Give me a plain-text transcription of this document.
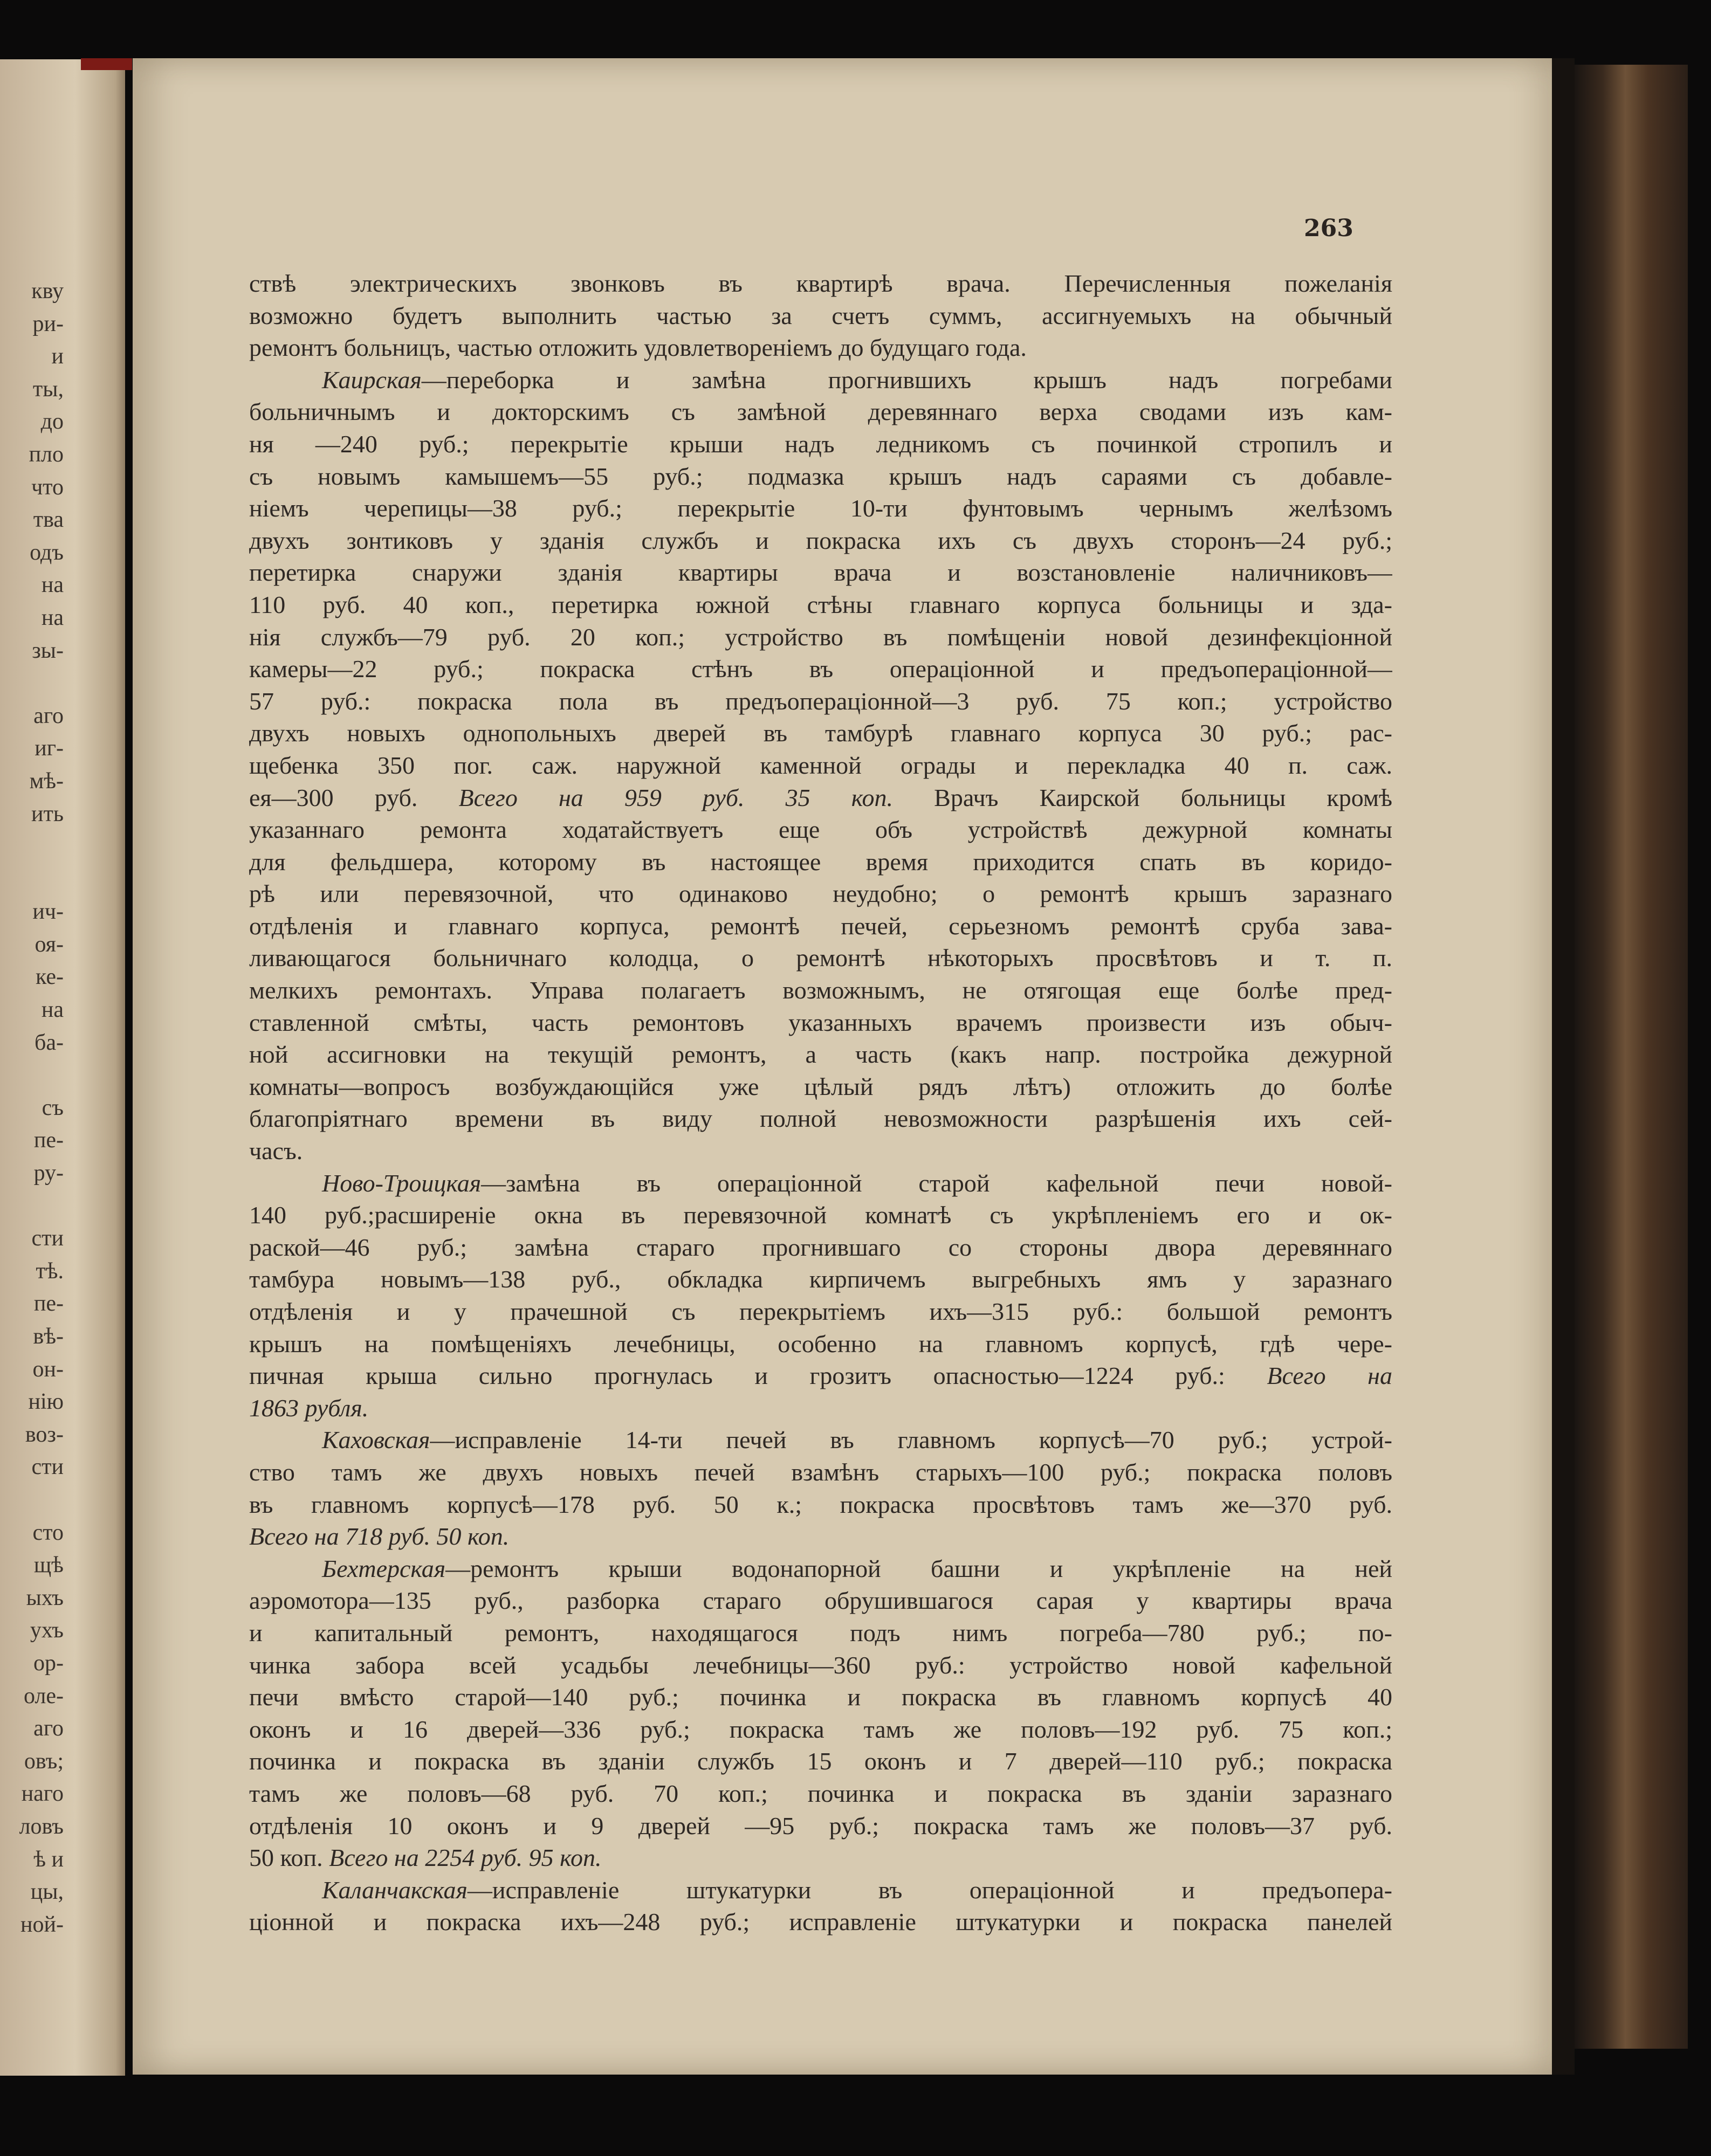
кву
ри-
и
ты,
до
пло
что
тва
одъ
на
на
зы-
аго
иг-
мѣ-
ить
ич-
оя-
ке-
на
ба-
съ
пе-
ру-
сти
тѣ.
пе-
вѣ-
он-
нію
воз-
сти
сто
щѣ
ыхъ
ухъ
ор-
оле-
аго
овъ;
наго
ловъ
ѣ и
цы,
ной-
263
ствѣ электрическихъ звонковъ въ квартирѣ врача. Перечисленныя пожеланія
возможно будетъ выполнить частью за счетъ суммъ, ассигнуемыхъ на обычный
ремонтъ больницъ, частью отложить удовлетвореніемъ до будущаго года.
Каирская—переборка и замѣна прогнившихъ крышъ надъ погребами
больничнымъ и докторскимъ съ замѣной деревяннаго верха сводами изъ кам-
ня —240 руб.; перекрытіе крыши надъ ледникомъ съ починкой стропилъ и
съ новымъ камышемъ—55 руб.; подмазка крышъ надъ сараями съ добавле-
ніемъ черепицы—38 руб.; перекрытіе 10-ти фунтовымъ чернымъ желѣзомъ
двухъ зонтиковъ у зданія службъ и покраска ихъ съ двухъ сторонъ—24 руб.;
перетирка снаружи зданія квартиры врача и возстановленіе наличниковъ—
110 руб. 40 коп., перетирка южной стѣны главнаго корпуса больницы и зда-
нія службъ—79 руб. 20 коп.; устройство въ помѣщеніи новой дезинфекціонной
камеры—22 руб.; покраска стѣнъ въ операціонной и предъоперацiонной—
57 руб.: покраска пола въ предъоперацiонной—3 руб. 75 коп.; устройство
двухъ новыхъ однопольныхъ дверей въ тамбурѣ главнаго корпуса 30 руб.; рас-
щебенка 350 пог. саж. наружной каменной ограды и перекладка 40 п. саж.
ея—300 руб. Всего на 959 руб. 35 коп. Врачъ Каирской больницы кромѣ
указаннаго ремонта ходатайствуетъ еще объ устройствѣ дежурной комнаты
для фельдшера, которому въ настоящее время приходится спать въ коридо-
рѣ или перевязочной, что одинаково неудобно; о ремонтѣ крышъ заразнаго
отдѣленія и главнаго корпуса, ремонтѣ печей, серьезномъ ремонтѣ сруба зава-
ливающагося больничнаго колодца, о ремонтѣ нѣкоторыхъ просвѣтовъ и т. п.
мелкихъ ремонтахъ. Управа полагаетъ возможнымъ, не отягощая еще болѣе пред-
ставленной смѣты, часть ремонтовъ указанныхъ врачемъ произвести изъ обыч-
ной ассигновки на текущій ремонтъ, а часть (какъ напр. постройка дежурной
комнаты—вопросъ возбуждающійся уже цѣлый рядъ лѣтъ) отложить до болѣе
благопріятнаго времени въ виду полной невозможности разрѣшенія ихъ сей-
часъ.
Ново-Троицкая—замѣна въ операціонной старой кафельной печи новой-
140 руб.;расширеніе окна въ перевязочной комнатѣ съ укрѣпленіемъ его и ок-
раской—46 руб.; замѣна стараго прогнившаго со стороны двора деревяннаго
тамбура новымъ—138 руб., обкладка кирпичемъ выгребныхъ ямъ у заразнаго
отдѣленія и у прачешной съ перекрытіемъ ихъ—315 руб.: большой ремонтъ
крышъ на помѣщеніяхъ лечебницы, особенно на главномъ корпусѣ, гдѣ чере-
пичная крыша сильно прогнулась и грозитъ опасностью—1224 руб.: Всего на
1863 рубля.
Каховская—исправленіе 14-ти печей въ главномъ корпусѣ—70 руб.; устрой-
ство тамъ же двухъ новыхъ печей взамѣнъ старыхъ—100 руб.; покраска половъ
въ главномъ корпусѣ—178 руб. 50 к.; покраска просвѣтовъ тамъ же—370 руб.
Всего на 718 руб. 50 коп.
Бехтерская—ремонтъ крыши водонапорной башни и укрѣпленіе на ней
аэромотора—135 руб., разборка стараго обрушившагося сарая у квартиры врача
и капитальный ремонтъ, находящагося подъ нимъ погреба—780 руб.; по-
чинка забора всей усадьбы лечебницы—360 руб.: устройство новой кафельной
печи вмѣсто старой—140 руб.; починка и покраска въ главномъ корпусѣ 40
оконъ и 16 дверей—336 руб.; покраска тамъ же половъ—192 руб. 75 коп.;
починка и покраска въ зданіи службъ 15 оконъ и 7 дверей—110 руб.; покраска
тамъ же половъ—68 руб. 70 коп.; починка и покраска въ зданіи заразнаго
отдѣленія 10 оконъ и 9 дверей —95 руб.; покраска тамъ же половъ—37 руб.
50 коп. Всего на 2254 руб. 95 коп.
Каланчакская—исправленіе штукатурки въ операціонной и предъопера-
цiонной и покраска ихъ—248 руб.; исправленіе штукатурки и покраска панелей
